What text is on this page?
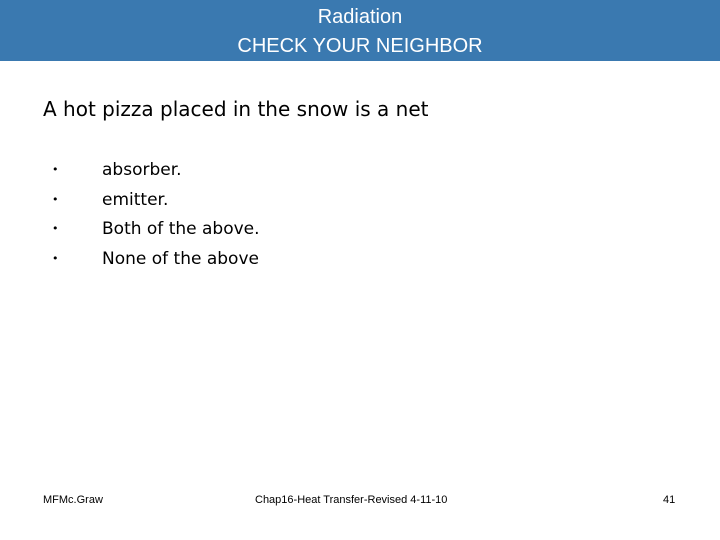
Radiation
CHECK YOUR NEIGHBOR
A hot pizza placed in the snow is a net
•	absorber.
•	emitter.
•	Both of the above.
•	None of the above
MFMc.Graw	Chap16-Heat Transfer-Revised 4-11-10	41
